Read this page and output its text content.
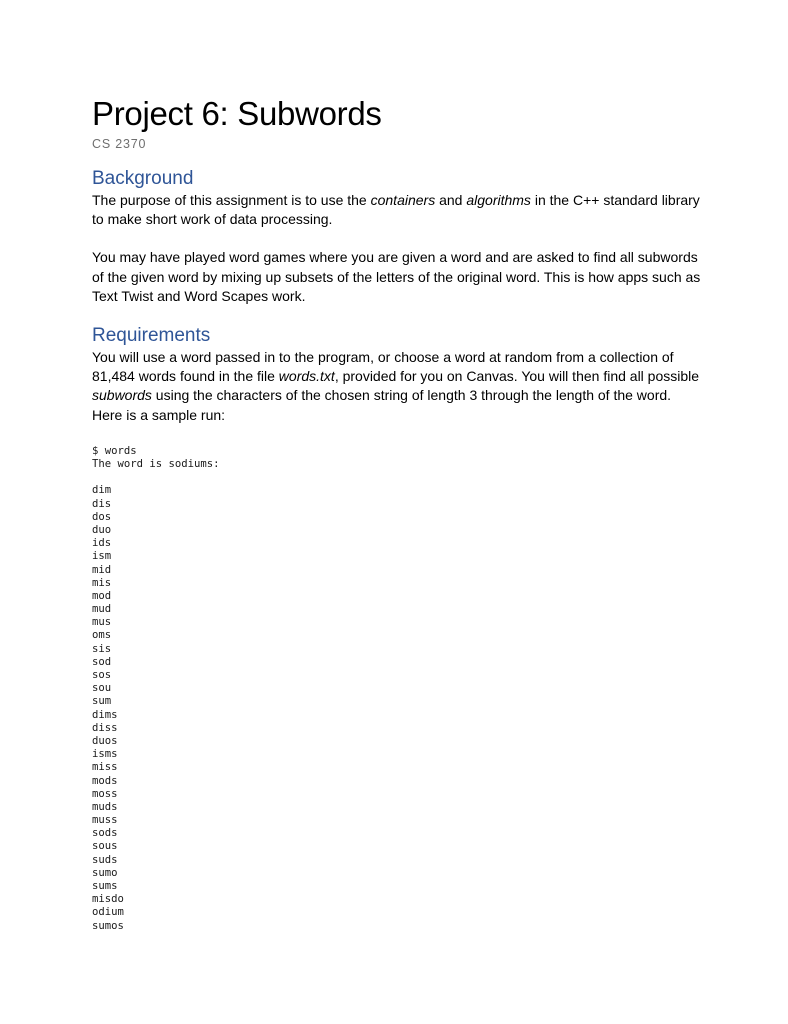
Project 6: Subwords
CS 2370
Background

The purpose of this assignment is to use the containers and algorithms in the C++ standard library to make short work of data processing.

You may have played word games where you are given a word and are asked to find all subwords of the given word by mixing up subsets of the letters of the original word. This is how apps such as Text Twist and Word Scapes work.

Requirements

You will use a word passed in to the program, or choose a word at random from a collection of 81,484 words found in the file words.txt, provided for you on Canvas. You will then find all possible subwords using the characters of the chosen string of length 3 through the length of the word. Here is a sample run:

$ words
The word is sodiums:
dim
dis
dos
duo
ids
ism
mid
mis
mod
mud
mus
oms
sis
sod
sos
sou
sum
dims
diss
duos
isms
miss
mods
moss
muds
muss
sods
sous
suds
sumo
sums
misdo
odium
sumos
